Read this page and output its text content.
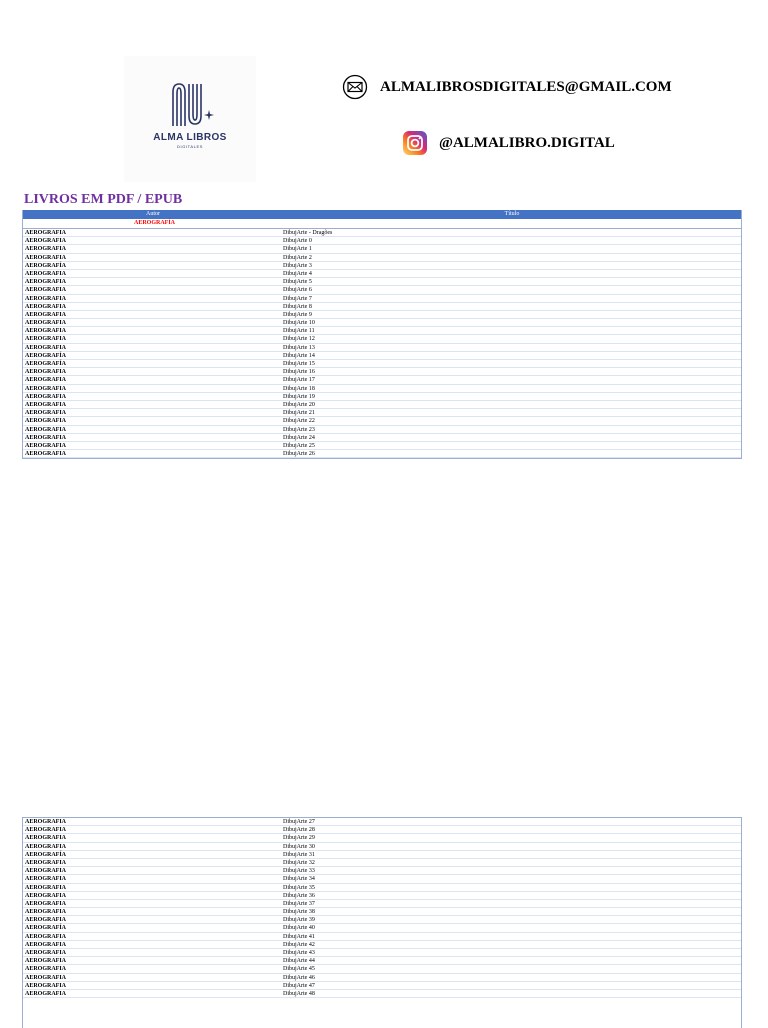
ALMA LIBROS
DIGITALES
ALMALIBROSDIGITALES@GMAIL.COM
@ALMALIBRO.DIGITAL
LIVROS EM PDF / EPUB
Autor	Título
AEROGRAFÍA
AEROGRAFIA	DibujArte - Dragões
AEROGRAFIA	DibujArte 0
AEROGRAFIA	DibujArte 1
AEROGRAFIA	DibujArte 2
AEROGRAFÍA	DibujArte 3
AEROGRAFIA	DibujArte 4
AEROGRAFIA	DibujArte 5
AEROGRAFIA	DibujArte 6
AEROGRAFIA	DibujArte 7
AEROGRAFIA	DibujArte 8
AEROGRAFIA	DibujArte 9
AEROGRAFIA	DibujArte 10
AEROGRAFIA	DibujArte 11
AEROGRAFIA	DibujArte 12
AEROGRAFIA	DibujArte 13
AEROGRAFÍA	DibujArte 14
AEROGRAFÍA	DibujArte 15
AEROGRAFIA	DibujArte 16
AEROGRAFIA	DibujArte 17
AEROGRAFIA	DibujArte 18
AEROGRAFIA	DibujArte 19
AEROGRAFIA	DibujArte 20
AEROGRAFIA	DibujArte 21
AEROGRAFIA	DibujArte 22
AEROGRAFIA	DibujArte 23
AEROGRAFIA	DibujArte 24
AEROGRAFIA	DibujArte 25
AEROGRAFIA	DibujArte 26
AEROGRAFIA	DibujArte 27
AEROGRAFIA	DibujArte 28
AEROGRAFIA	DibujArte 29
AEROGRAFIA	DibujArte 30
AEROGRAFÍA	DibujArte 31
AEROGRAFIA	DibujArte 32
AEROGRAFIA	DibujArte 33
AEROGRAFIA	DibujArte 34
AEROGRAFIA	DibujArte 35
AEROGRAFIA	DibujArte 36
AEROGRAFIA	DibujArte 37
AEROGRAFIA	DibujArte 38
AEROGRAFIA	DibujArte 39
AEROGRAFÍA	DibujArte 40
AEROGRAFIA	DibujArte 41
AEROGRAFIA	DibujArte 42
AEROGRAFIA	DibujArte 43
AEROGRAFIA	DibujArte 44
AEROGRAFIA	DibujArte 45
AEROGRAFIA	DibujArte 46
AEROGRAFIA	DibujArte 47
AEROGRAFIA	DibujArte 48
